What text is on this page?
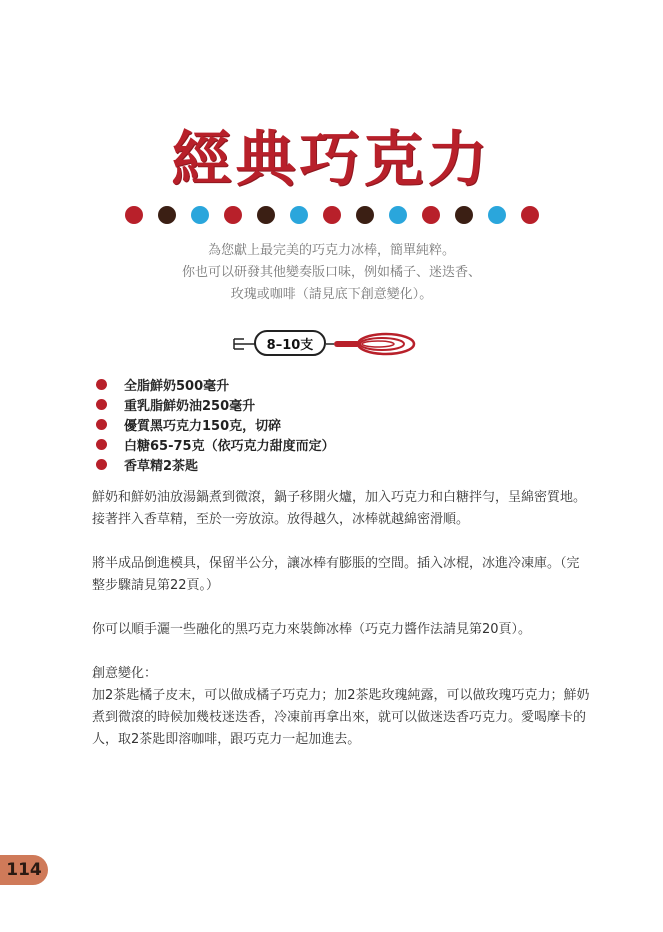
經典巧克力
為您獻上最完美的巧克力冰棒，簡單純粹。
你也可以研發其他變奏版口味，例如橘子、迷迭香、
玫瑰或咖啡（請見底下創意變化）。
8–10支
全脂鮮奶500毫升
重乳脂鮮奶油250毫升
優質黑巧克力150克，切碎
白糖65-75克（依巧克力甜度而定）
香草精2茶匙

鮮奶和鮮奶油放湯鍋煮到微滾，鍋子移開火爐，加入巧克力和白糖拌勻，呈綿密質地。接著拌入香草精，至於一旁放涼。放得越久，冰棒就越綿密滑順。

將半成品倒進模具，保留半公分，讓冰棒有膨脹的空間。插入冰棍，冰進冷凍庫。（完整步驟請見第22頁。）

你可以順手灑一些融化的黑巧克力來裝飾冰棒（巧克力醬作法請見第20頁）。

創意變化：

加2茶匙橘子皮末，可以做成橘子巧克力；加2茶匙玫瑰純露，可以做玫瑰巧克力；鮮奶煮到微滾的時候加幾枝迷迭香，冷凍前再拿出來，就可以做迷迭香巧克力。愛喝摩卡的人，取2茶匙即溶咖啡，跟巧克力一起加進去。

114
